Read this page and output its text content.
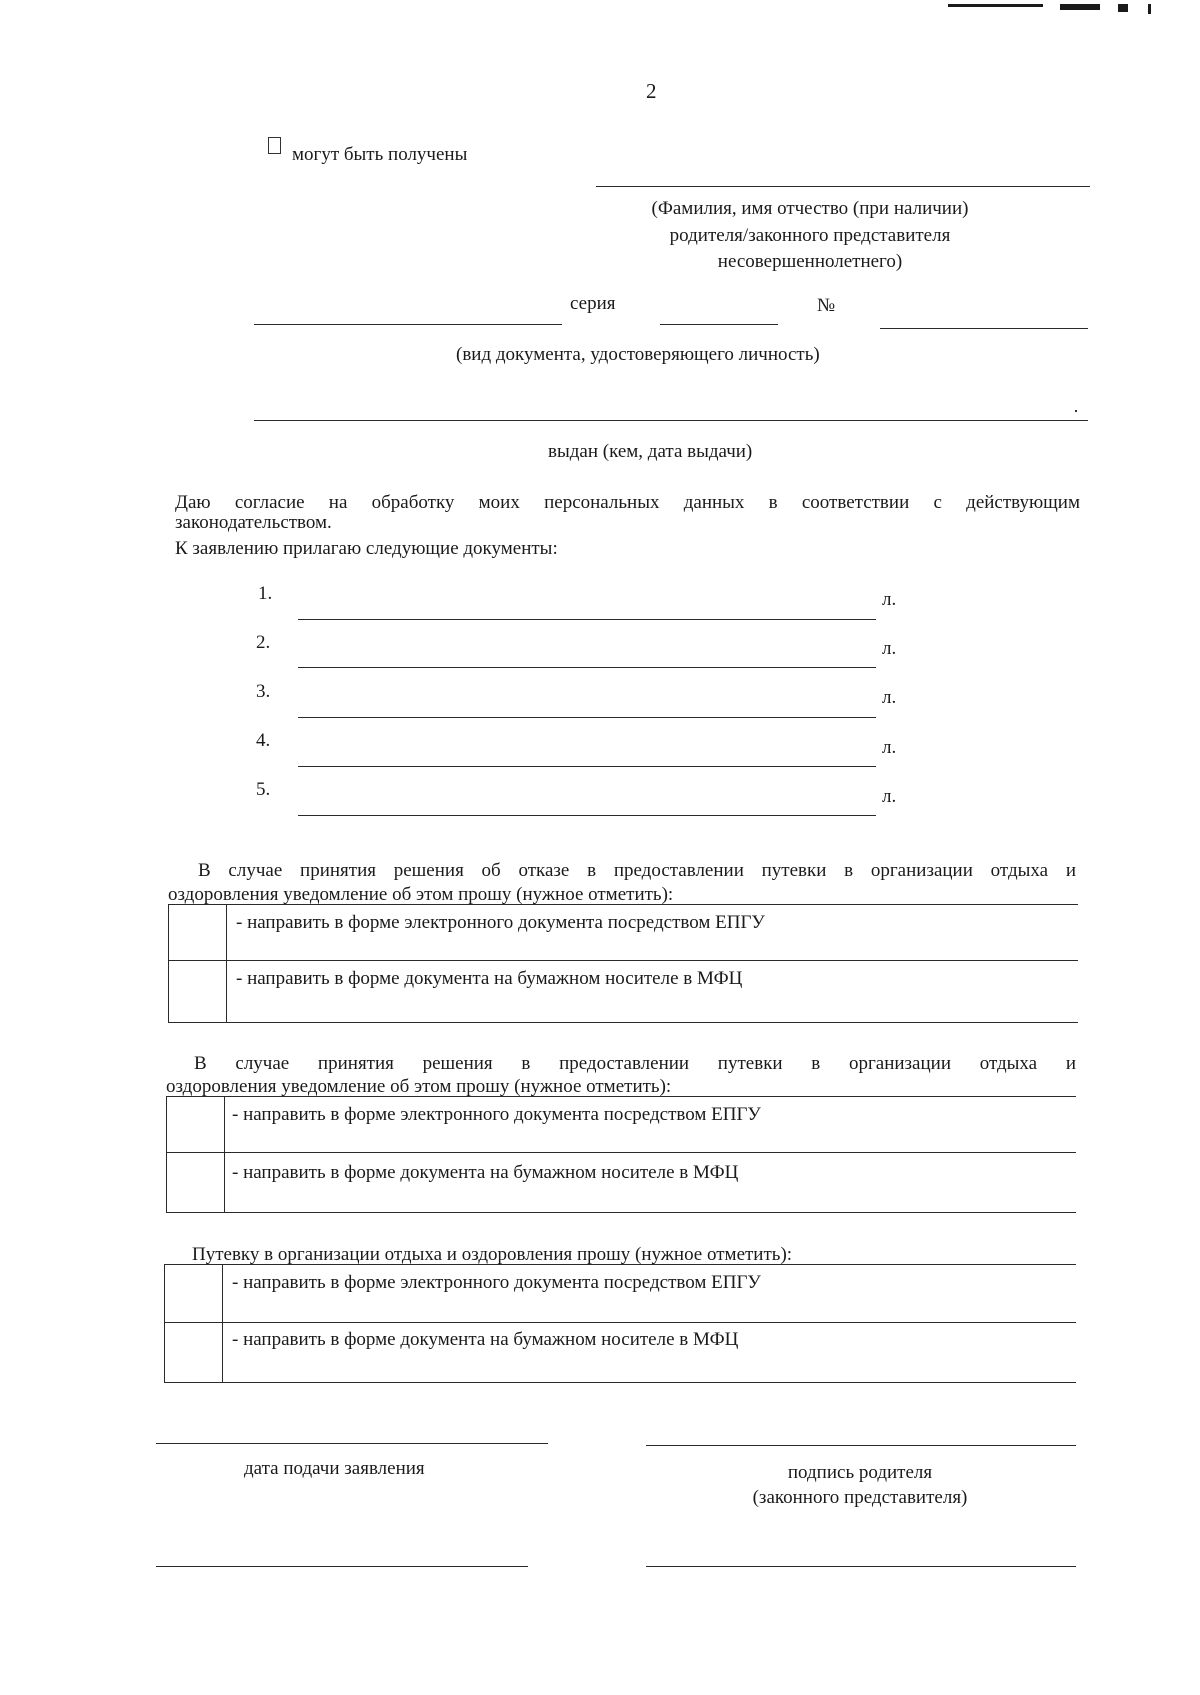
2
могут быть получены
(Фамилия, имя отчество (при наличии)
родителя/законного представителя
несовершеннолетнего)
серия	№
(вид документа, удостоверяющего личность)
выдан (кем, дата выдачи)
Даю согласие на обработку моих персональных данных в соответствии с действующим
законодательством.
К заявлению прилагаю следующие документы:
1.	л.
2.	л.
3.	л.
4.	л.
5.	л.
В случае принятия решения об отказе в предоставлении путевки в организации отдыха и
оздоровления уведомление об этом прошу (нужное отметить):
- направить в форме электронного документа посредством ЕПГУ
- направить в форме документа на бумажном носителе в МФЦ
В случае принятия решения в предоставлении путевки в организации отдыха и
оздоровления уведомление об этом прошу (нужное отметить):
- направить в форме электронного документа посредством ЕПГУ
- направить в форме документа на бумажном носителе в МФЦ
Путевку в организации отдыха и оздоровления прошу (нужное отметить):
- направить в форме электронного документа посредством ЕПГУ
- направить в форме документа на бумажном носителе в МФЦ
дата подачи заявления	подпись родителя
(законного представителя)
